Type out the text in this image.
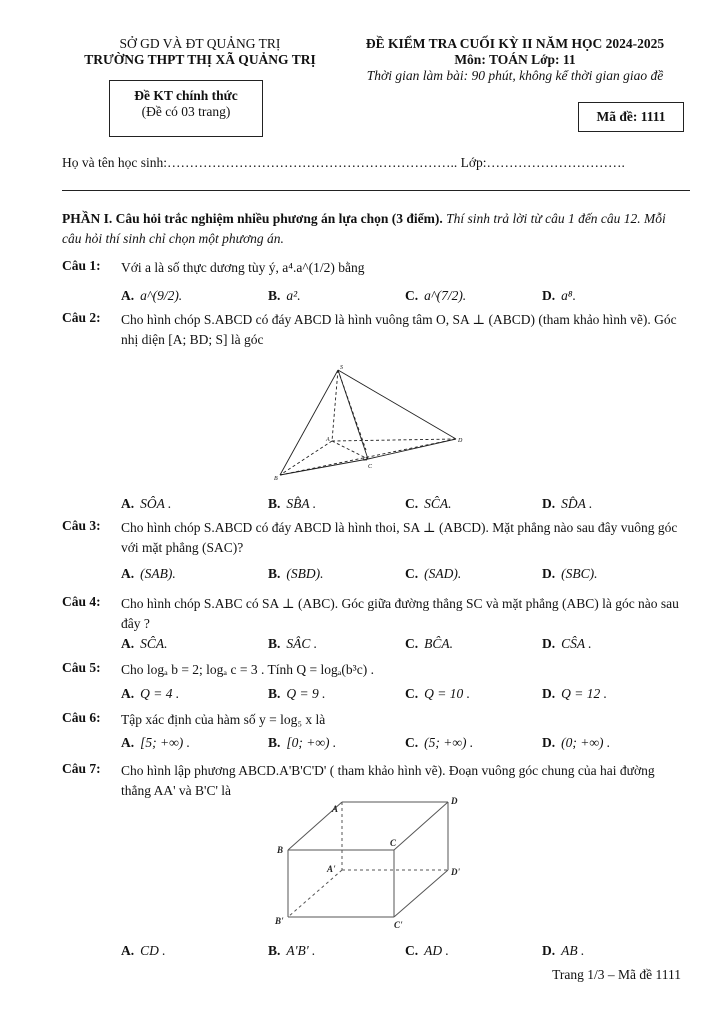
SỞ GD VÀ ĐT QUẢNG TRỊ
TRƯỜNG THPT THỊ XÃ QUẢNG TRỊ
ĐỀ KIỂM TRA CUỐI KỲ II NĂM HỌC 2024-2025
Môn: TOÁN Lớp: 11
Thời gian làm bài: 90 phút, không kể thời gian giao đề
Đề KT chính thức
(Đề có 03 trang)	Mã đề: 1111
Họ và tên học sinh:……………………………………………………….. Lớp:………………………….
PHẦN I. Câu hỏi trắc nghiệm nhiều phương án lựa chọn (3 điểm). Thí sinh trả lời từ câu 1 đến câu 12. Mỗi câu hỏi thí sinh chỉ chọn một phương án.
Câu 1: Với a là số thực dương tùy ý, a⁴.a^(1/2) bằng
A. a^(9/2).	B. a².	C. a^(7/2).	D. a⁸.
Câu 2: Cho hình chóp S.ABCD có đáy ABCD là hình vuông tâm O, SA ⊥ (ABCD) (tham khảo hình vẽ). Góc nhị diện [A; BD; S] là góc
S
A
B
C
D
O
A. SÔA .	B. SB̂A .	C. SĈA.	D. SD̂A .
Câu 3: Cho hình chóp S.ABCD có đáy ABCD là hình thoi, SA ⊥ (ABCD). Mặt phẳng nào sau đây vuông góc với mặt phẳng (SAC)?
A. (SAB).	B. (SBD).	C. (SAD).	D. (SBC).
Câu 4: Cho hình chóp S.ABC có SA ⊥ (ABC). Góc giữa đường thẳng SC và mặt phẳng (ABC) là góc nào sau đây ?
A. SĈA.	B. SÂC .	C. BĈA.	D. CŜA .
Câu 5: Cho logₐ b = 2; logₐ c = 3 . Tính Q = logₐ(b³c) .
A. Q = 4 .	B. Q = 9 .	C. Q = 10 .	D. Q = 12 .
Câu 6: Tập xác định của hàm số y = log₅ x là
A. [5; +∞) .	B. [0; +∞) .	C. (5; +∞) .	D. (0; +∞) .
Câu 7: Cho hình lập phương ABCD.A'B'C'D' ( tham khảo hình vẽ). Đoạn vuông góc chung của hai đường thẳng AA' và B'C' là
A
B
C
D
A'
B'	C'
D'
A. CD .	B. A'B' .	C. AD .	D. AB .
Trang 1/3 – Mã đề 1111
